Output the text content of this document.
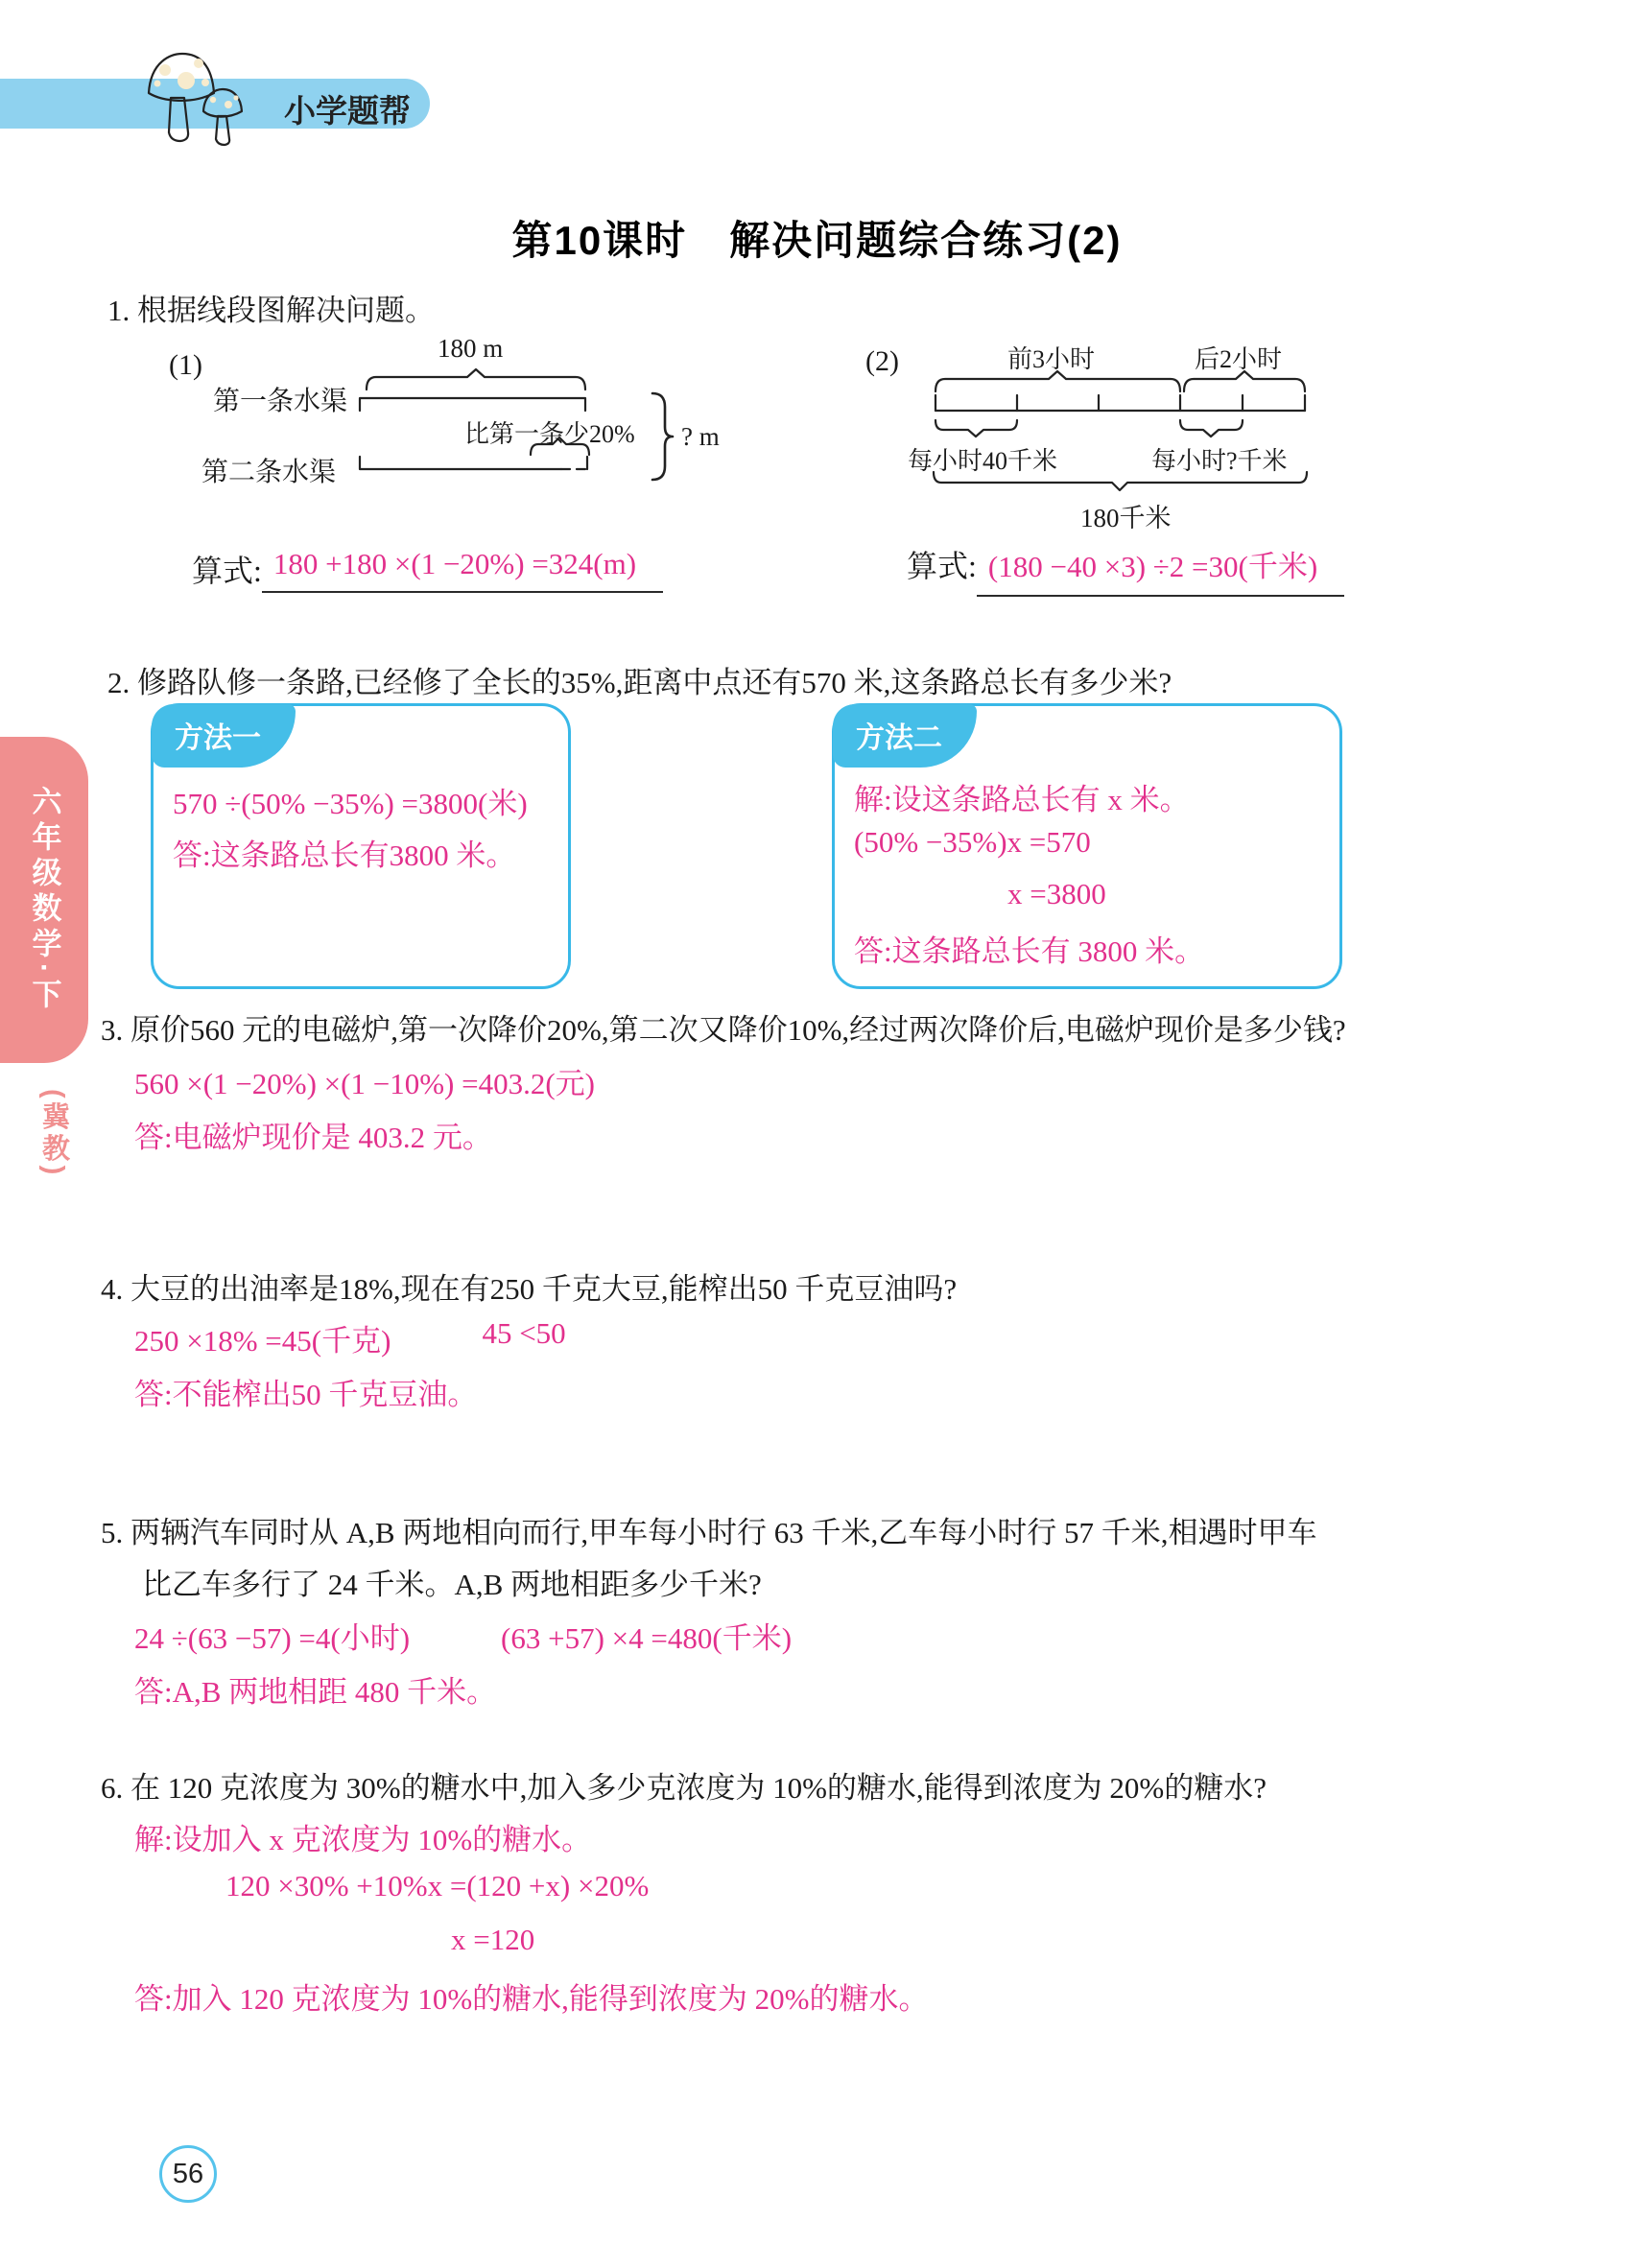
小学题帮
第10课时　解决问题综合练习(2)
1. 根据线段图解决问题。
(1)
180 m
第一条水渠
比第一条少20%
第二条水渠
? m
(2)	前3小时	后2小时
每小时40千米	每小时?千米
180千米
算式: 180 +180 ×(1 −20%) =324(m)	算式: (180 −40 ×3) ÷2 =30(千米)
2. 修路队修一条路,已经修了全长的35%,距离中点还有570 米,这条路总长有多少米?
方法一
570 ÷(50% −35%) =3800(米)
答:这条路总长有3800 米。
方法二
解:设这条路总长有 x 米。
(50% −35%)x =570
x =3800
答:这条路总长有 3800 米。
3. 原价560 元的电磁炉,第一次降价20%,第二次又降价10%,经过两次降价后,电磁炉现价是多少钱?
560 ×(1 −20%) ×(1 −10%) =403.2(元)
答:电磁炉现价是 403.2 元。
4. 大豆的出油率是18%,现在有250 千克大豆,能榨出50 千克豆油吗?
250 ×18% =45(千克)	45 <50
答:不能榨出50 千克豆油。
5. 两辆汽车同时从 A,B 两地相向而行,甲车每小时行 63 千米,乙车每小时行 57 千米,相遇时甲车
比乙车多行了 24 千米。A,B 两地相距多少千米?
24 ÷(63 −57) =4(小时)	(63 +57) ×4 =480(千米)
答:A,B 两地相距 480 千米。
6. 在 120 克浓度为 30%的糖水中,加入多少克浓度为 10%的糖水,能得到浓度为 20%的糖水?
解:设加入 x 克浓度为 10%的糖水。
120 ×30% +10%x =(120 +x) ×20%
x =120
答:加入 120 克浓度为 10%的糖水,能得到浓度为 20%的糖水。
六年级数学·下
(冀教)
56
